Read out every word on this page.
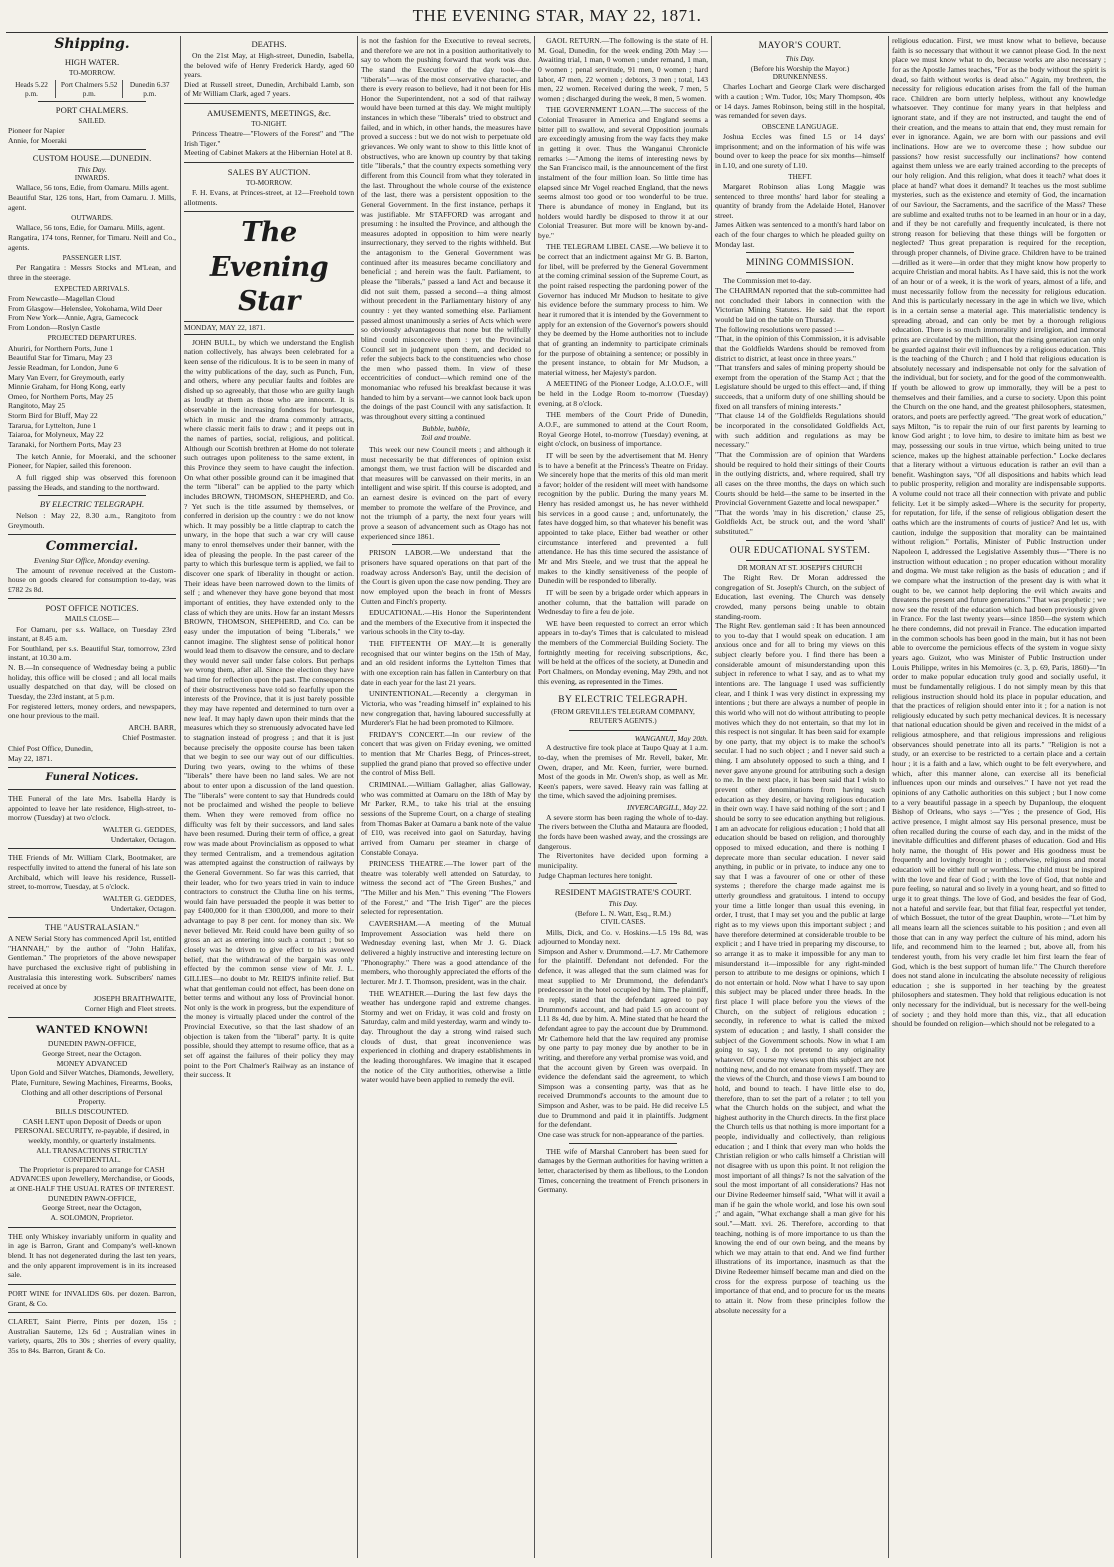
THE EVENING STAR, MAY 22, 1871.
Shipping.
HIGH WATER.
TO-MORROW.
Heads 5.22 p.m.
Port Chalmers 5.52 p.m.
Dunedin 6.37 p.m.
PORT CHALMERS.
SAILED.

Pioneer for Napier
Annie, for Moeraki

CUSTOM HOUSE.—DUNEDIN.
This Day.
INWARDS.

Wallace, 56 tons, Edie, from Oamaru. Mills agent.
Beautiful Star, 126 tons, Hart, from Oamaru. J. Mills, agent.

OUTWARDS.

Wallace, 56 tons, Edie, for Oamaru. Mills, agent.
Rangatira, 174 tons, Renner, for Timaru. Neill and Co., agents.

PASSENGER LIST.

Per Rangatira : Messrs Stocks and M'Lean, and three in the steerage.

EXPECTED ARRIVALS.

From Newcastle—Magellan Cloud
From Glasgow—Helenslee, Yokohama, Wild Deer
From New York—Annie, Agra, Gamecock
From London—Roslyn Castle

PROJECTED DEPARTURES.

Ahuriri, for Northern Ports, June 1
Beautiful Star for Timaru, May 23
Jessie Readman, for London, June 6
Mary Van Everr, for Greymouth, early
Minnie Graham, for Hong Kong, early
Omeo, for Northern Ports, May 25
Rangitoto, May 25
Storm Bird for Bluff, May 22
Tararua, for Lyttelton, June 1
Taiaroa, for Molyneux, May 22
Taranaki, for Northern Ports, May 23

The ketch Annie, for Moeraki, and the schooner Pioneer, for Napier, sailed this forenoon.

A full rigged ship was observed this forenoon passing the Heads, and standing to the northward.

BY ELECTRIC TELEGRAPH.

Nelson : May 22, 8.30 a.m., Rangitoto from Greymouth.

Commercial.
Evening Star Office, Monday evening.

The amount of revenue received at the Custom-house on goods cleared for consumption to-day, was £782 2s 8d.

POST OFFICE NOTICES.
MAILS CLOSE—

For Oamaru, per s.s. Wallace, on Tuesday 23rd instant, at 8.45 a.m.
For Southland, per s.s. Beautiful Star, tomorrow, 23rd instant, at 10.30 a.m.
N. B.—In consequence of Wednesday being a public holiday, this office will be closed ; and all local mails usually despatched on that day, will be closed on Tuesday, the 23rd instant, at 5 p.m.
For registered letters, money orders, and newspapers, one hour previous to the mail.

ARCH. BARR,
Chief Postmaster.

Chief Post Office, Dunedin,
May 22, 1871.

Funeral Notices.

THE Funeral of the late Mrs. Isabella Hardy is appointed to leave her late residence, High-street, to-morrow (Tuesday) at two o'clock.

WALTER G. GEDDES,
Undertaker, Octagon.

THE Friends of Mr. William Clark, Bootmaker, are respectfully invited to attend the funeral of his late son Archibald, which will leave his residence, Russell-street, to-morrow, Tuesday, at 5 o'clock.

WALTER G. GEDDES,
Undertaker, Octagon.

THE "AUSTRALASIAN."

A NEW Serial Story has commenced April 1st, entitled "HANNAH," by the author of "John Halifax, Gentleman." The proprietors of the above newspaper have purchased the exclusive right of publishing in Australasia this interesting work. Subscribers' names received at once by

JOSEPH BRAITHWAITE,
Corner High and Fleet streets.

WANTED KNOWN!

DUNEDIN PAWN-OFFICE,
George Street, near the Octagon.
MONEY ADVANCED
Upon Gold and Silver Watches, Diamonds, Jewellery, Plate, Furniture, Sewing Machines, Firearms, Books, Clothing and all other descriptions of Personal Property.
BILLS DISCOUNTED.
CASH LENT upon Deposit of Deeds or upon PERSONAL SECURITY, re-payable, if desired, in weekly, monthly, or quarterly instalments.
ALL TRANSACTIONS STRICTLY CONFIDENTIAL.
The Proprietor is prepared to arrange for CASH ADVANCES upon Jewellery, Merchandise, or Goods, at ONE-HALF THE USUAL RATES OF INTEREST.
DUNEDIN PAWN-OFFICE,
George Street, near the Octagon,
A. SOLOMON, Proprietor.

THE only Whiskey invariably uniform in quality and in age is Barron, Grant and Company's well-known blend. It has not degenerated during the last ten years, and the only apparent improvement is in its increased sale.

PORT WINE for INVALIDS 60s. per dozen. Barron, Grant, & Co.

CLARET, Saint Pierre, Pints per dozen, 15s ; Australian Sauterne, 12s 6d ; Australian wines in variety, quarts, 20s to 30s ; sherries of every quality, 35s to 84s. Barron, Grant & Co.

DEATHS.

On the 21st May, at High-street, Dunedin, Isabella, the beloved wife of Henry Frederick Hardy, aged 60 years.
Died at Russell street, Dunedin, Archibald Lamb, son of Mr William Clark, aged 7 years.

AMUSEMENTS, MEETINGS, &c.
TO-NIGHT.

Princess Theatre—"Flowers of the Forest" and "The Irish Tiger."
Meeting of Cabinet Makers at the Hibernian Hotel at 8.

SALES BY AUCTION.
TO-MORROW.

F. H. Evans, at Princes-street, at 12—Freehold town allotments.

The Evening Star
MONDAY, MAY 22, 1871.

JOHN BULL, by which we understand the English nation collectively, has always been celebrated for a keen sense of the ridiculous. It is to be seen in many of the witty publications of the day, such as Punch, Fun, and others, where any peculiar faults and foibles are dished up so agreeably, that those who are guilty laugh as loudly at them as those who are innocent. It is observable in the increasing fondness for burlesque, which in music and the drama commonly attracts, where classic merit fails to draw ; and it peeps out in the names of parties, social, religious, and political. Although our Scottish brethren at Home do not tolerate such outrages upon politeness to the same extent, in this Province they seem to have caught the infection. On what other possible ground can it be imagined that the term "liberal" can be applied to the party which includes BROWN, THOMSON, SHEPHERD, and Co. ? Yet such is the title assumed by themselves, or conferred in derision up the country : we do not know which. It may possibly be a little claptrap to catch the unwary, in the hope that such a war cry will cause many to enrol themselves under their banner, with the idea of pleasing the people. In the past career of the party to which this burlesque term is applied, we fail to discover one spark of liberality in thought or action. Their ideas have been narrowed down to the limits of self ; and whenever they have gone beyond that most important of entities, they have extended only to the class of which they are units. How far an instant Messrs BROWN, THOMSON, SHEPHERD, and Co. can be easy under the imputation of being "Liberals," we cannot imagine. The slightest sense of political honor would lead them to disavow the censure, and to declare they would never sail under false colors. But perhaps we wrong them, after all. Since the election they have had time for reflection upon the past. The consequences of their obstructiveness have told so fearfully upon the interests of the Province, that it is just barely possible they may have repented and determined to turn over a new leaf. It may haply dawn upon their minds that the measures which they so strenuously advocated have led to stagnation instead of progress ; and that it is just because precisely the opposite course has been taken that we begin to see our way out of our difficulties. During two years, owing to the whims of these "liberals" there have been no land sales. We are not about to enter upon a discussion of the land question. The "liberals" were content to say that Hundreds could not be proclaimed and wished the people to believe them. When they were removed from office no difficulty was felt by their successors, and land sales have been resumed. During their term of office, a great row was made about Provincialism as opposed to what they termed Centralism, and a tremendous agitation was attempted against the construction of railways by the General Government. So far was this carried, that their leader, who for two years tried in vain to induce contractors to construct the Clutha line on his terms, would fain have persuaded the people it was better to pay £400,000 for it than £300,000, and more to their advantage to pay 8 per cent. for money than six. We never believed Mr. Reid could have been guilty of so gross an act as entering into such a contract ; but so closely was he driven to give effect to his avowed belief, that the withdrawal of the bargain was only effected by the common sense view of Mr. J. L. GILLIES—no doubt to Mr. REID'S infinite relief. But what that gentleman could not effect, has been done on better terms and without any loss of Provincial honor. Not only is the work in progress, but the expenditure of the money is virtually placed under the control of the Provincial Executive, so that the last shadow of an objection is taken from the "liberal" party. It is quite possible, should they attempt to resume office, that as a set off against the failures of their policy they may point to the Port Chalmer's Railway as an instance of their success. It

is not the fashion for the Executive to reveal secrets, and therefore we are not in a position authoritatively to say to whom the pushing forward that work was due. The stand the Executive of the day took—the "liberals"—was of the most conservative character, and there is every reason to believe, had it not been for His Honor the Superintendent, not a sod of that railway would have been turned at this day. We might multiply instances in which these "liberals" tried to obstruct and failed, and in which, in other hands, the measures have proved a success : but we do not wish to perpetuate old grievances. We only want to show to this little knot of obstructives, who are known up country by that taking title "liberals," that the country expects something very different from this Council from what they tolerated in the last. Throughout the whole course of the existence of the last, there was a persistent opposition to the General Government. In the first instance, perhaps it was justifiable. Mr STAFFORD was arrogant and presuming : he insulted the Province, and although the measures adopted in opposition to him were nearly insurrectionary, they served to the rights withheld. But the antagonism to the General Government was continued after its measures became conciliatory and beneficial ; and herein was the fault. Parliament, to please the "liberals," passed a land Act and because it did not suit them, passed a second—a thing almost without precedent in the Parliamentary history of any country : yet they wanted something else. Parliament passed almost unanimously a series of Acts which were so obviously advantageous that none but the wilfully blind could misconceive them : yet the Provincial Council set in judgment upon them, and decided to refer the subjects back to the constituencies who chose the men who passed them. In view of these eccentricities of conduct—which remind one of the monomaniac who refused his breakfast because it was handed to him by a servant—we cannot look back upon the doings of the past Council with any satisfaction. It was throughout every sitting a continued

Bubble, bubble,
Toil and trouble.

This week our new Council meets ; and although it must necessarily be that differences of opinion exist amongst them, we trust faction will be discarded and that measures will be canvassed on their merits, in an intelligent and wise spirit. If this course is adopted, and an earnest desire is evinced on the part of every member to promote the welfare of the Province, and not the triumph of a party, the next four years will prove a season of advancement such as Otago has not experienced since 1861.

PRISON LABOR.—We understand that the prisoners have squared operations on that part of the roadway across Anderson's Bay, until the decision of the Court is given upon the case now pending. They are now employed upon the beach in front of Messrs Cutten and Finch's property.

EDUCATIONAL.—His Honor the Superintendent and the members of the Executive from it inspected the various schools in the City to-day.

THE FIFTEENTH OF MAY.—It is generally recognised that our winter begins on the 15th of May, and an old resident informs the Lyttelton Times that with one exception rain has fallen in Canterbury on that date in each year for the last 21 years.

UNINTENTIONAL.—Recently a clergyman in Victoria, who was "reading himself in" explained to his new congregation that, having laboured successfully at Murderer's Flat he had been promoted to Kilmore.

FRIDAY'S CONCERT.—In our review of the concert that was given on Friday evening, we omitted to mention that Mr Charles Begg, of Princes-street, supplied the grand piano that proved so effective under the control of Miss Bell.

CRIMINAL.—William Gallagher, alias Galloway, who was committed at Oamaru on the 18th of May by Mr Parker, R.M., to take his trial at the ensuing sessions of the Supreme Court, on a charge of stealing from Thomas Baker at Oamaru a bank note of the value of £10, was received into gaol on Saturday, having arrived from Oamaru per steamer in charge of Constable Conaya.

PRINCESS THEATRE.—The lower part of the theatre was tolerably well attended on Saturday, to witness the second act of "The Green Bushes," and "The Miller and his Men." This evening "The Flowers of the Forest," and "The Irish Tiger" are the pieces selected for representation.

CAVERSHAM.—A meeting of the Mutual Improvement Association was held there on Wednesday evening last, when Mr J. G. Diack delivered a highly instructive and interesting lecture on "Phonography." There was a good attendance of the members, who thoroughly appreciated the efforts of the lecturer. Mr J. T. Thomson, president, was in the chair.

THE WEATHER.—During the last few days the weather has undergone rapid and extreme changes. Stormy and wet on Friday, it was cold and frosty on Saturday, calm and mild yesterday, warm and windy to-day. Throughout the day a strong wind raised such clouds of dust, that great inconvenience was experienced in clothing and drapery establishments in the leading thoroughfares. We imagine that it escaped the notice of the City authorities, otherwise a little water would have been applied to remedy the evil.

GAOL RETURN.—The following is the state of H. M. Goal, Dunedin, for the week ending 20th May :—Awaiting trial, 1 man, 0 women ; under remand, 1 man, 0 women ; penal servitude, 91 men, 0 women ; hard labor, 47 men, 22 women ; debtors, 3 men ; total, 143 men, 22 women. Received during the week, 7 men, 5 women ; discharged during the week, 8 men, 5 women.

THE GOVERNMENT LOAN.—The success of the Colonial Treasurer in America and England seems a bitter pill to swallow, and several Opposition journals are exceedingly amusing from the way facts they make in getting it over. Thus the Wanganui Chronicle remarks :—"Among the items of interesting news by the San Francisco mail, is the announcement of the first instalment of the four million loan. So little time has elapsed since Mr Vogel reached England, that the news seems almost too good or too wonderful to be true. There is abundance of money in England, but its holders would hardly be disposed to throw it at our Colonial Treasurer. But more will be known by-and-bye."

THE TELEGRAM LIBEL CASE.—We believe it to be correct that an indictment against Mr G. B. Barton, for libel, will be preferred by the General Government at the coming criminal session of the Supreme Court, as the point raised respecting the pardoning power of the Governor has induced Mr Mudson to hesitate to give his evidence before the summary process to him. We hear it rumored that it is intended by the Government to apply for an extension of the Governor's powers should they be deemed by the Home authorities not to include that of granting an indemnity to participate criminals for the purpose of obtaining a sentence; or possibly in the present instance, to obtain for Mr Mudson, a material witness, her Majesty's pardon.

A MEETING of the Pioneer Lodge, A.I.O.O.F., will be held in the Lodge Room to-morrow (Tuesday) evening, at 8 o'clock.

THE members of the Court Pride of Dunedin, A.O.F., are summoned to attend at the Court Room, Royal George Hotel, to-morrow (Tuesday) evening, at eight o'clock, on business of importance.

IT will be seen by the advertisement that M. Henry is to have a benefit at the Princess's Theatre on Friday. We sincerely hope that the merits of this old man merit a favor; holder of the resident will meet with handsome recognition by the public. During the many years M. Henry has resided amongst us, he has never withheld his services in a good cause ; and, unfortunately, the fates have dogged him, so that whatever his benefit was appointed to take place, Either bad weather or other circumstance interfered and prevented a full attendance. He has this time secured the assistance of Mr and Mrs Steele, and we trust that the appeal he makes to the kindly sensitiveness of the people of Dunedin will be responded to liberally.

IT will be seen by a brigade order which appears in another column, that the battalion will parade on Wednesday to fire a feu de joie.

WE have been requested to correct an error which appears in to-day's Times that is calculated to mislead the members of the Commercial Building Society. The fortnightly meeting for receiving subscriptions, &c, will be held at the offices of the society, at Dunedin and Port Chalmers, on Monday evening, May 29th, and not this evening, as represented in the Times.

BY ELECTRIC TELEGRAPH.
(FROM GREVILLE'S TELEGRAM COMPANY, REUTER'S AGENTS.)
WANGANUI, May 20th.

A destructive fire took place at Taupo Quay at 1 a.m. to-day, when the premises of Mr. Revell, baker, Mr. Owen, draper, and Mr. Keen, furrier, were burned. Most of the goods in Mr. Owen's shop, as well as Mr. Keen's papers, were saved. Heavy rain was falling at the time, which saved the adjoining premises.

INVERCARGILL, May 22.

A severe storm has been raging the whole of to-day. The rivers between the Clutha and Mataura are flooded, the fords have been washed away, and the crossings are dangerous.
The Rivertonites have decided upon forming a municipality.
Judge Chapman lectures here tonight.

RESIDENT MAGISTRATE'S COURT.
This Day.
(Before L. N. Watt, Esq., R.M.)
CIVIL CASES.

Mills, Dick, and Co. v. Hoskins.—L5 19s 8d, was adjourned to Monday next.
Simpson and Asher v. Drummond.—L7. Mr Cathemore for the plaintiff. Defendant not defended. For the defence, it was alleged that the sum claimed was for meat supplied to Mr Drummond, the defendant's predecessor in the hotel occupied by him. The plaintiff, in reply, stated that the defendant agreed to pay Drummond's account, and had paid L5 on account of L11 8s 4d, due by him. A. Mine stated that he heard the defendant agree to pay the account due by Drummond. Mr Cathemore held that the law required any promise by one party to pay money due by another to be in writing, and therefore any verbal promise was void, and that the account given by Green was overpaid. In evidence the defendant said the agreement, to which Simpson was a consenting party, was that as he received Drummond's accounts to the amount due to Simpson and Asher, was to be paid. He did receive L5 due to Drummond and paid it in plaintiffs. Judgment for the defendant.
One case was struck for non-appearance of the parties.

THE wife of Marshal Canrobert has been sued for damages by the German authorities for having written a letter, characterised by them as libellous, to the London Times, concerning the treatment of French prisoners in Germany.

MAYOR'S COURT.
This Day.
(Before his Worship the Mayor.)
DRUNKENNESS.

Charles Lochart and George Clark were discharged with a caution ; Wm. Tudor, 10s; Mary Thompson, 40s or 14 days. James Robinson, being still in the hospital, was remanded for seven days.

OBSCENE LANGUAGE.

Joshua Eccles was fined L5 or 14 days' imprisonment; and on the information of his wife was bound over to keep the peace for six months—himself in L10, and one surety of L10.

THEFT.

Margaret Robinson alias Long Maggie was sentenced to three months' hard labor for stealing a quantity of brandy from the Adelaide Hotel, Hanover street.
James Aitken was sentenced to a month's hard labor on each of the four charges to which he pleaded guilty on Monday last.

MINING COMMISSION.

The Commission met to-day.
The CHAIRMAN reported that the sub-committee had not concluded their labors in connection with the Victorian Mining Statutes. He said that the report would be laid on the table on Thursday.
The following resolutions were passed :—
"That, in the opinion of this Commission, it is advisable that the Goldfields Wardens should be removed from district to district, at least once in three years."
"That transfers and sales of mining property should be exempt from the operation of the Stamp Act ; that the Legislature should be urged to this effect—and, if thing succeeds, that a uniform duty of one shilling should be fixed on all transfers of mining interests."
"That clause 14 of the Goldfields Regulations should be incorporated in the consolidated Goldfields Act, with such addition and regulations as may be necessary."
"That the Commission are of opinion that Wardens should be required to hold their sittings of their Courts in the outlying districts, and, where required, shall try all cases on the three months, the days on which such Courts should be held—the same to be inserted in the Provincial Government Gazette and local newspaper."
"That the words 'may in his discretion,' clause 25, Goldfields Act, be struck out, and the word 'shall' substituted."

OUR EDUCATIONAL SYSTEM.
DR MORAN AT ST. JOSEPH'S CHURCH

The Right Rev. Dr Moran addressed the congregation of St. Joseph's Church, on the subject of Education, last evening. The Church was densely crowded, many persons being unable to obtain standing-room.
The Right Rev. gentleman said : It has been announced to you to-day that I would speak on education. I am anxious once and for all to bring my views on this subject clearly before you. I find there has been a considerable amount of misunderstanding upon this subject in reference to what I say, and as to what my intentions are. The language I used was sufficiently clear, and I think I was very distinct in expressing my intentions ; but there are always a number of people in this world who will not do without attributing to people motives which they do not entertain, so that my lot in this respect is not singular. It has been said for example by one party, that my object is to make the school's secular. I had no such object ; and I never said such a thing. I am absolutely opposed to such a thing, and I never gave anyone ground for attributing such a design to me. In the next place, it has been said that I wish to prevent other denominations from having such education as they desire, or having religious education in their own way. I have said nothing of the sort ; and I should be sorry to see education anything but religious. I am an advocate for religious education ; I hold that all education should be based on religion, and thoroughly opposed to mixed education, and there is nothing I deprecate more than secular education. I never said anything, in public or in private, to induce any one to say that I was a favourer of one or other of these systems ; therefore the charge made against me is utterly groundless and gratuitous. I intend to occupy your time a little longer than usual this evening, in order, I trust, that I may set you and the public at large right as to my views upon this important subject ; and have therefore determined at considerable trouble to be explicit ; and I have tried in preparing my discourse, to so arrange it as to make it impossible for any man to misunderstand it—impossible for any right-minded person to attribute to me designs or opinions, which I do not entertain or hold. Now what I have to say upon this subject may be placed under three heads. In the first place I will place before you the views of the Church, on the subject of religious education ; secondly, in reference to what is called the mixed system of education ; and lastly, I shall consider the subject of the Government schools. Now in what I am going to say, I do not pretend to any originality whatever. Of course my views upon this subject are not nothing new, and do not emanate from myself. They are the views of the Church, and those views I am bound to hold, and bound to teach. I have little else to do, therefore, than to set the part of a relater ; to tell you what the Church holds on the subject, and what the highest authority in the Church directs. In the first place the Church tells us that nothing is more important for a people, individually and collectively, than religious education ; and I think that every man who holds the Christian religion or who calls himself a Christian will not disagree with us upon this point. It not religion the most important of all things? Is not the salvation of the soul the most important of all considerations? Has not our Divine Redeemer himself said, "What will it avail a man if he gain the whole world, and lose his own soul ;" and again, "What exchange shall a man give for his soul."—Matt. xvi. 26. Therefore, according to that teaching, nothing is of more importance to us than the knowing the end of our own being, and the means by which we may attain to that end. And we find further illustrations of its importance, inasmuch as that the Divine Redeemer himself became man and died on the cross for the express purpose of teaching us the importance of that end, and to procure for us the means to attain it. Now from these principles follow the absolute necessity for a

religious education. First, we must know what to believe, because faith is so necessary that without it we cannot please God. In the next place we must know what to do, because works are also necessary ; for as the Apostle James teaches, "For as the body without the spirit is dead, so faith without works is dead also." Again, my brethren, the necessity for religious education arises from the fall of the human race. Children are born utterly helpless, without any knowledge whatsoever. They continue for many years in that helpless and ignorant state, and if they are not instructed, and taught the end of their creation, and the means to attain that end, they must remain for ever in ignorance. Again, we are born with our passions and evil inclinations. How are we to overcome these ; how subdue our passions? how resist successfully our inclinations? how contend against them unless we are early trained according to the precepts of our holy religion. And this religion, what does it teach? what does it place at hand? what does it demand? It teaches us the most sublime mysteries, such as the existence and eternity of God, the incarnation of our Saviour, the Sacraments, and the sacrifice of the Mass? These are sublime and exalted truths not to be learned in an hour or in a day, and if they be not carefully and frequently inculcated, is there not strong reason for believing that these things will be forgotten or neglected? Thus great preparation is required for the reception, through proper channels, of Divine grace. Children have to be trained—drilled as it were—in order that they might know how properly to acquire Christian and moral habits. As I have said, this is not the work of an hour or of a week, it is the work of years, almost of a life, and must necessarily follow from the necessity for religious education. And this is particularly necessary in the age in which we live, which is in a certain sense a material age. This materialistic tendency is spreading abroad, and can only be met by a thorough religious education. There is so much immorality and irreligion, and immoral prints are circulated by the million, that the rising generation can only be guarded against their evil influences by a religious education. This is the teaching of the Church ; and I hold that religious education is absolutely necessary and indispensable not only for the salvation of the individual, but for society, and for the good of the commonwealth. If youth be allowed to grow up immorally, they will be a pest to themselves and their families, and a curse to society. Upon this point the Church on the one hand, and the greatest philosophers, statesmen, orators, and poets are perfectly agreed. "The great work of education," says Milton, "is to repair the ruin of our first parents by learning to know God aright ; to love him, to desire to imitate him as best we may, possessing our souls in true virtue, which being united to true science, makes up the highest attainable perfection." Locke declares that a literary without a virtuous education is rather an evil than a benefit. Washington says, "Of all dispositions and habits which lead to public prosperity, religion and morality are indispensable supports. A volume could not trace all their connection with private and public felicity. Let it be simply asked—Where is the security for property, for reputation, for life, if the sense of religious obligation desert the oaths which are the instruments of courts of justice? And let us, with caution, indulge the supposition that morality can be maintained without religion." Portalis, Minister of Public Instruction under Napoleon I, addressed the Legislative Assembly thus—"There is no instruction without education ; no proper education without morality and dogma. We must take religion as the basis of education ; and if we compare what the instruction of the present day is with what it ought to be, we cannot help deploring the evil which awaits and threatens the present and future generations." That was prophetic ; we now see the result of the education which had been previously given in France. For the last twenty years—since 1850—the system which he there condemns, did not prevail in France. The education imparted in the common schools has been good in the main, but it has not been able to overcome the pernicious effects of the system in vogue sixty years ago. Guizot, who was Minister of Public Instruction under Louis Philippe, writes in his Memoires (c. 3, p. 69, Paris, 1860)—"In order to make popular education truly good and socially useful, it must be fundamentally religious. I do not simply mean by this that religious instruction should hold its place in popular education, and that the practices of religion should enter into it ; for a nation is not religiously educated by such petty mechanical devices. It is necessary that national education should be given and received in the midst of a religious atmosphere, and that religious impressions and religious observances should penetrate into all its parts." "Religion is not a study, or an exercise to be restricted to a certain place and a certain hour ; it is a faith and a law, which ought to be felt everywhere, and which, after this manner alone, can exercise all its beneficial influences upon our minds and ourselves." I have not yet read the opinions of any Catholic authorities on this subject ; but I now come to a very beautiful passage in a speech by Dupanloup, the eloquent Bishop of Orleans, who says :—"Yes ; the presence of God, His active presence, I might almost say His personal presence, must be often recalled during the course of each day, and in the midst of the inevitable difficulties and different phases of education. God and His holy name, the thought of His power and His goodness must be frequently and lovingly brought in ; otherwise, religious and moral education will be either null or worthless. The child must be inspired with the love and fear of God ; with the love of God, that noble and pure feeling, so natural and so lively in a young heart, and so fitted to urge it to great things. The love of God, and besides the fear of God, not a hateful and servile fear, but that filial fear, respectful yet tender, of which Bossuet, the tutor of the great Dauphin, wrote—"Let him by all means learn all the sciences suitable to his position ; and even all those that can in any way perfect the culture of his mind, adorn his life, and recommend him to the learned ; but, above all, from his tenderest youth, from his very cradle let him first learn the fear of God, which is the best support of human life." The Church therefore does not stand alone in inculcating the absolute necessity of religious education ; she is supported in her teaching by the greatest philosophers and statesmen. They hold that religious education is not only necessary for the individual, but is necessary for the well-being of society ; and they hold more than this, viz., that all education should be founded on religion—which should not be relegated to a
